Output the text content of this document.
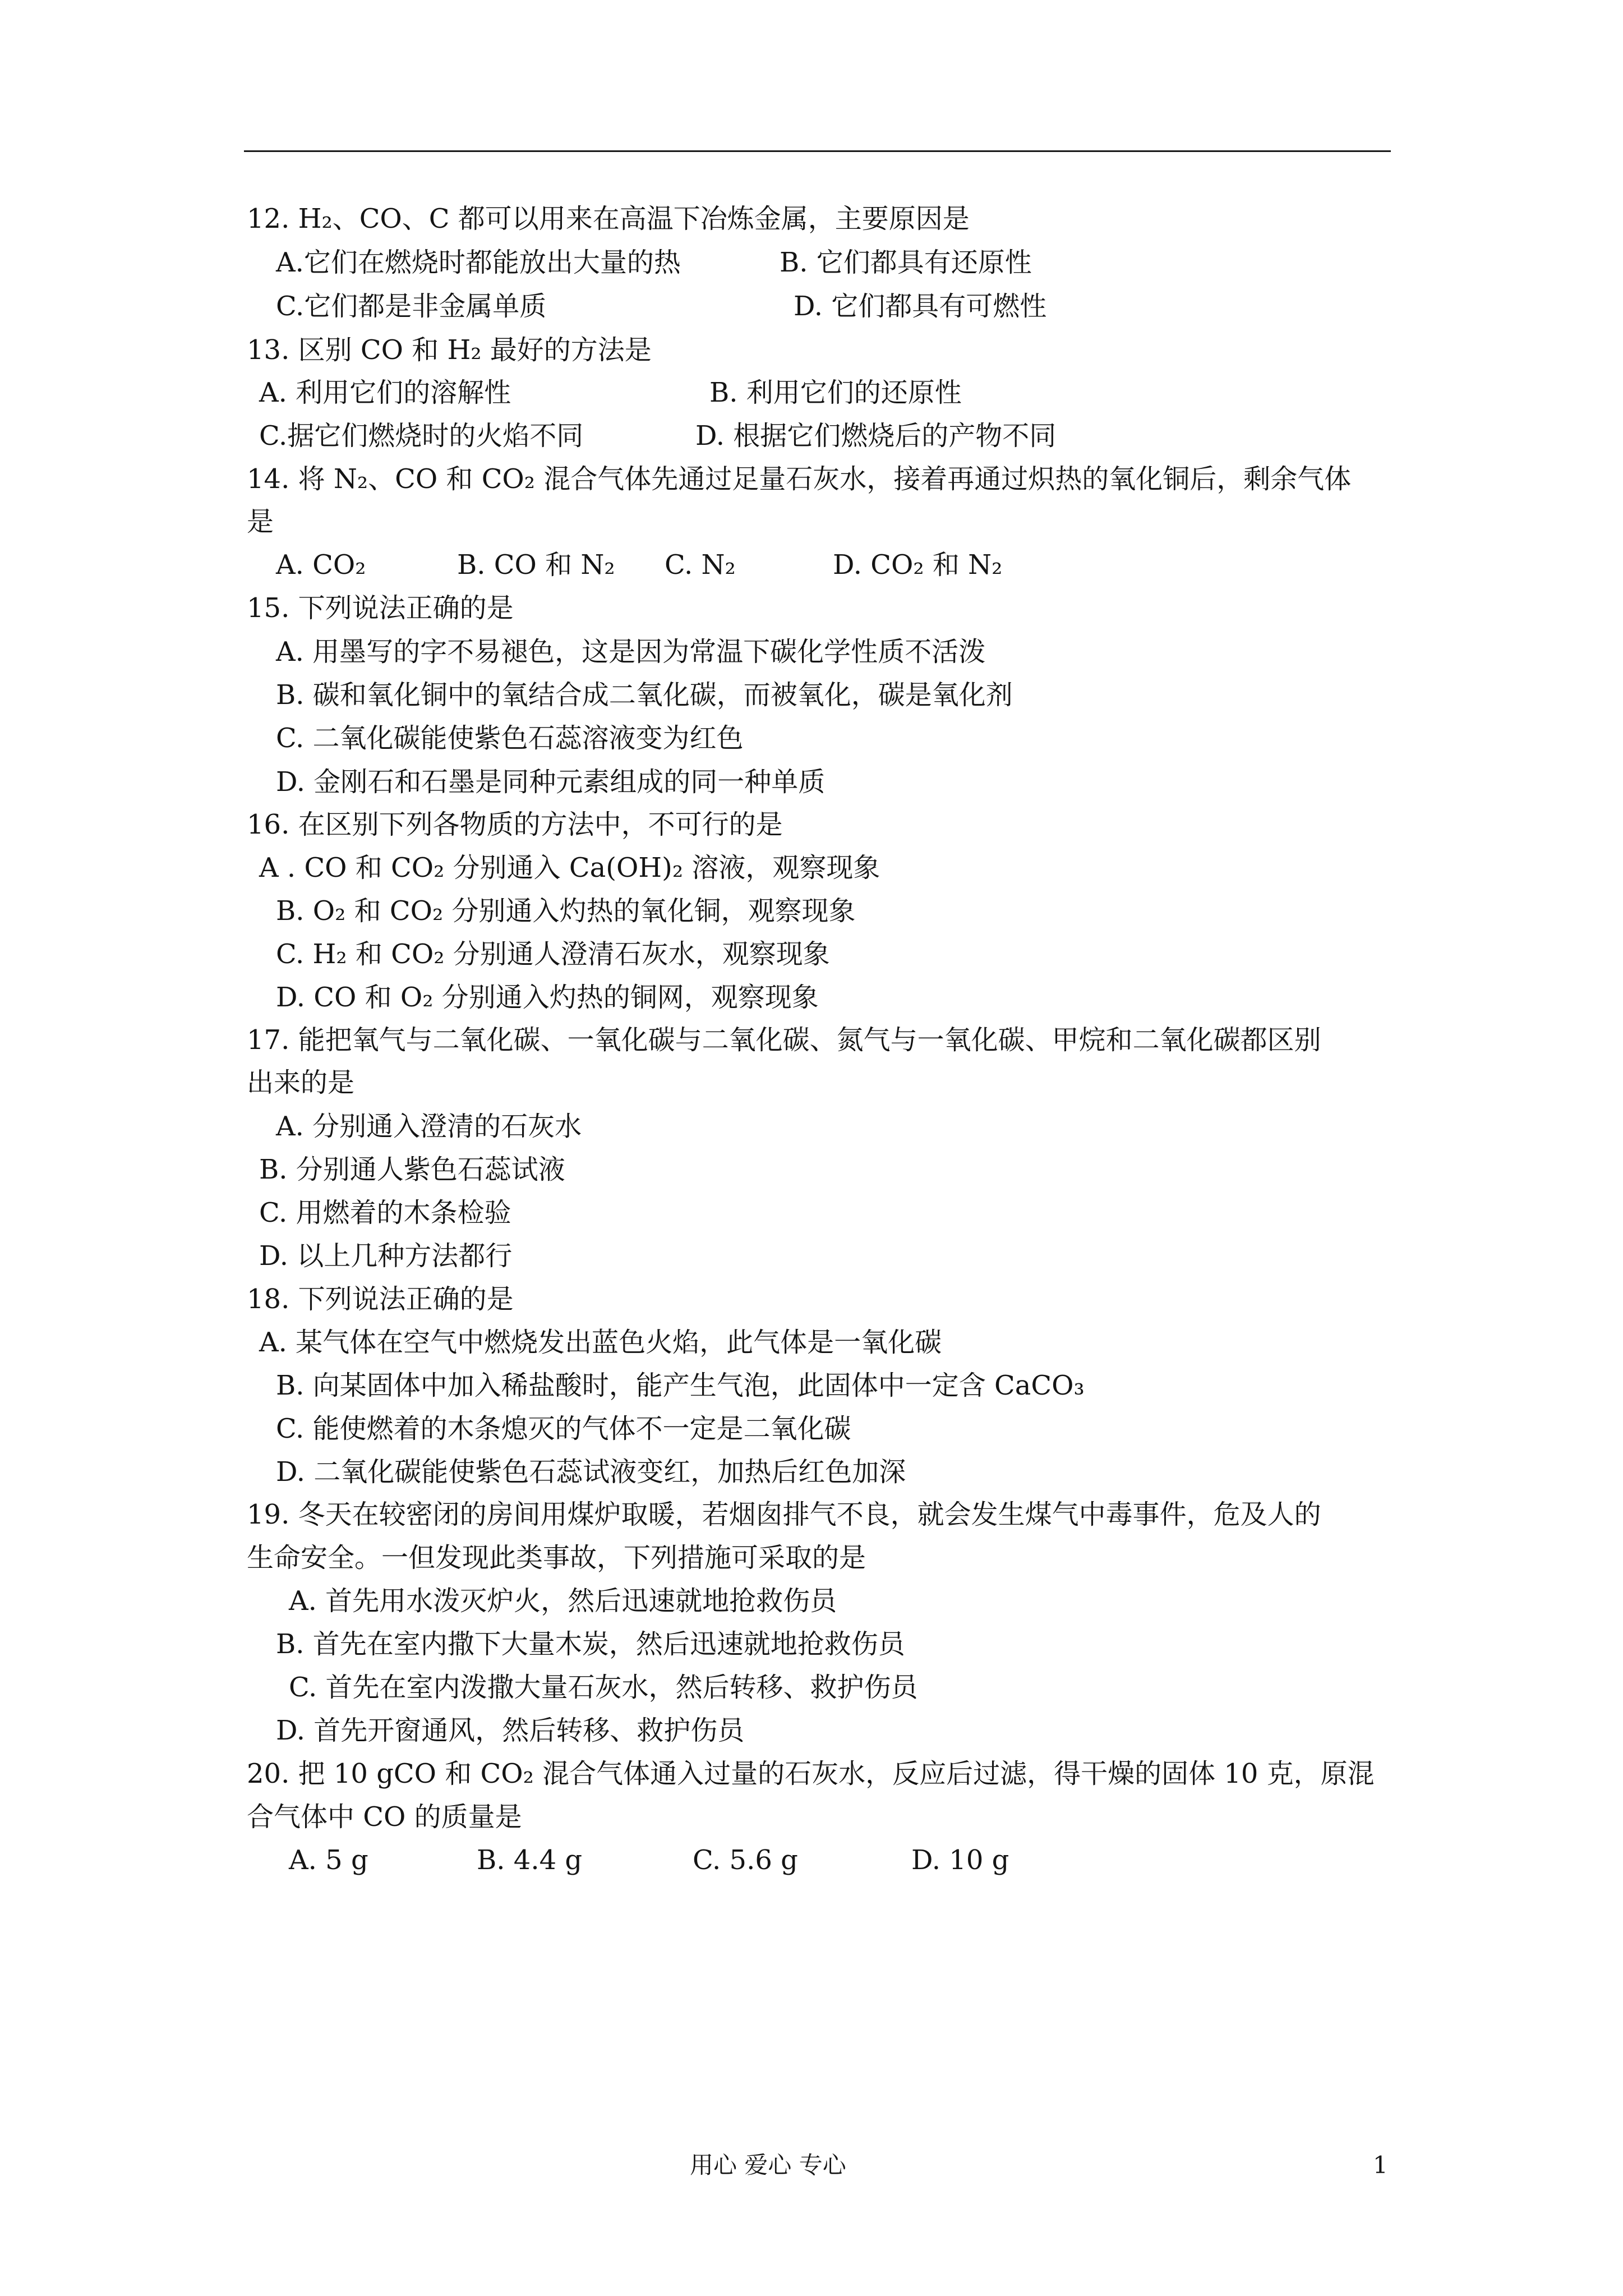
12. H₂、CO、C 都可以用来在高温下冶炼金属，主要原因是
A.它们在燃烧时都能放出大量的热	B. 它们都具有还原性
C.它们都是非金属单质	D. 它们都具有可燃性
13. 区别 CO 和 H₂ 最好的方法是
A. 利用它们的溶解性	B. 利用它们的还原性
C.据它们燃烧时的火焰不同	D. 根据它们燃烧后的产物不同
14. 将 N₂、CO 和 CO₂ 混合气体先通过足量石灰水，接着再通过炽热的氧化铜后，剩余气体
是
A. CO₂	B. CO 和 N₂ C. N₂	D. CO₂ 和 N₂
15. 下列说法正确的是
A. 用墨写的字不易褪色，这是因为常温下碳化学性质不活泼
B. 碳和氧化铜中的氧结合成二氧化碳，而被氧化，碳是氧化剂
C. 二氧化碳能使紫色石蕊溶液变为红色
D. 金刚石和石墨是同种元素组成的同一种单质
16. 在区别下列各物质的方法中，不可行的是
A . CO 和 CO₂ 分别通入 Ca(OH)₂ 溶液，观察现象
B. O₂ 和 CO₂ 分别通入灼热的氧化铜，观察现象
C. H₂ 和 CO₂ 分别通人澄清石灰水，观察现象
D. CO 和 O₂ 分别通入灼热的铜网，观察现象
17. 能把氧气与二氧化碳、一氧化碳与二氧化碳、氮气与一氧化碳、甲烷和二氧化碳都区别
出来的是
A. 分别通入澄清的石灰水
B. 分别通人紫色石蕊试液
C. 用燃着的木条检验
D. 以上几种方法都行
18. 下列说法正确的是
A. 某气体在空气中燃烧发出蓝色火焰，此气体是一氧化碳
B. 向某固体中加入稀盐酸时，能产生气泡，此固体中一定含 CaCO₃
C. 能使燃着的木条熄灭的气体不一定是二氧化碳
D. 二氧化碳能使紫色石蕊试液变红，加热后红色加深
19. 冬天在较密闭的房间用煤炉取暖，若烟囱排气不良，就会发生煤气中毒事件，危及人的
生命安全。一但发现此类事故，下列措施可采取的是
A. 首先用水泼灭炉火，然后迅速就地抢救伤员
B. 首先在室内撒下大量木炭，然后迅速就地抢救伤员
C. 首先在室内泼撒大量石灰水，然后转移、救护伤员
D. 首先开窗通风，然后转移、救护伤员
20. 把 10 gCO 和 CO₂ 混合气体通入过量的石灰水，反应后过滤，得干燥的固体 10 克，原混
合气体中 CO 的质量是
A. 5 g	B. 4.4 g	C. 5.6 g	D. 10 g
用心 爱心 专心	1
